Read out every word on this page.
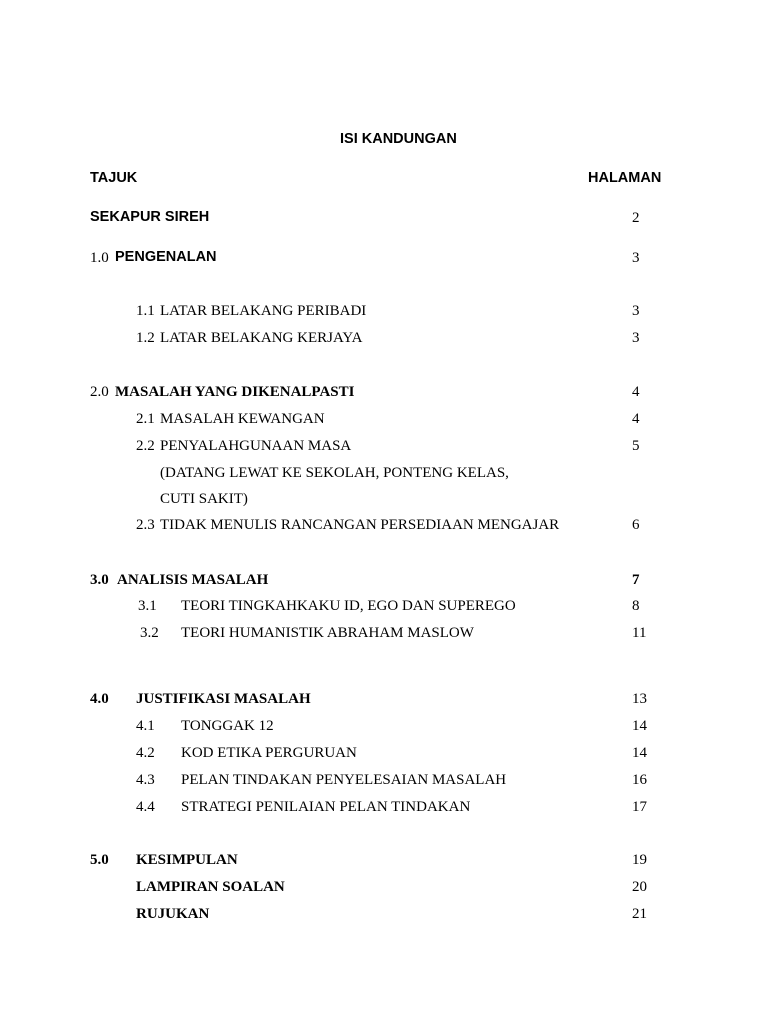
ISI KANDUNGAN
TAJUK	HALAMAN
SEKAPUR SIREH	2
1.0 PENGENALAN	3
1.1 LATAR BELAKANG PERIBADI	3
1.2 LATAR BELAKANG KERJAYA	3
2.0 MASALAH YANG DIKENALPASTI	4
2.1 MASALAH KEWANGAN	4
2.2 PENYALAHGUNAAN MASA	5
(DATANG LEWAT KE SEKOLAH, PONTENG KELAS,
CUTI SAKIT)
2.3 TIDAK MENULIS RANCANGAN PERSEDIAAN MENGAJAR	6
3.0 ANALISIS MASALAH	7
3.1 TEORI TINGKAHKAKU ID, EGO DAN SUPEREGO	8
3.2 TEORI HUMANISTIK ABRAHAM MASLOW	11
4.0 JUSTIFIKASI MASALAH	13
4.1 TONGGAK 12	14
4.2 KOD ETIKA PERGURUAN	14
4.3 PELAN TINDAKAN PENYELESAIAN MASALAH	16
4.4 STRATEGI PENILAIAN PELAN TINDAKAN	17
5.0 KESIMPULAN	19
LAMPIRAN SOALAN	20
RUJUKAN	21
